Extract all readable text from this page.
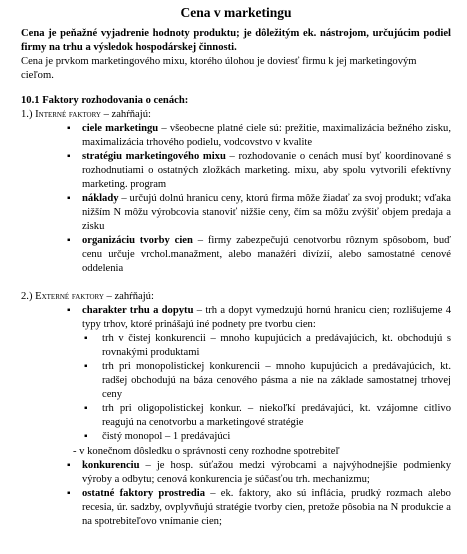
Cena v marketingu

Cena je peňažné vyjadrenie hodnoty produktu; je dôležitým ek. nástrojom, určujúcim podiel firmy na trhu a výsledok hospodárskej činnosti.

Cena je prvkom marketingového mixu, ktorého úlohou je doviesť firmu k jej marketingovým cieľom.

10.1 Faktory rozhodovania o cenách:

1.) Interné faktory – zahŕňajú:

▪ ciele marketingu – všeobecne platné ciele sú: prežitie, maximalizácia bežného zisku, maximalizácia trhového podielu, vodcovstvo v kvalite
▪ stratégiu marketingového mixu – rozhodovanie o cenách musí byť koordinované s rozhodnutiami o ostatných zložkách marketing. mixu, aby spolu vytvorili efektívny marketing. program
▪ náklady – určujú dolnú hranicu ceny, ktorú firma môže žiadať za svoj produkt; vďaka nižším N môžu výrobcovia stanoviť nižšie ceny, čím sa môžu zvýšiť objem predaja a zisku
▪ organizáciu tvorby cien – firmy zabezpečujú cenotvorbu rôznym spôsobom, buď cenu určuje vrchol.manažment, alebo manažéri divízií, alebo samostatné cenové oddelenia

2.) Externé faktory – zahŕňajú:

▪ charakter trhu a dopytu – trh a dopyt vymedzujú hornú hranicu cien; rozlišujeme 4 typy trhov, ktoré prinášajú iné podnety pre tvorbu cien:
▪ trh v čistej konkurencii – mnoho kupujúcich a predávajúcich, kt. obchodujú s rovnakými produktami
▪ trh pri monopolistickej konkurencii – mnoho kupujúcich a predávajúcich, kt. radšej obchodujú na báza cenového pásma a nie na základe samostatnej trhovej ceny
▪ trh pri oligopolistickej konkur. – niekoľkí predávajúci, kt. vzájomne citlivo reagujú na cenotvorbu a marketingové stratégie
▪ čistý monopol – 1 predávajúci

- v konečnom dôsledku o správnosti ceny rozhodne spotrebiteľ

▪ konkurenciu – je hosp. súťažou medzi výrobcami a najvýhodnejšie podmienky výroby a odbytu; cenová konkurencia je súčasťou trh. mechanizmu;
▪ ostatné faktory prostredia – ek. faktory, ako sú inflácia, prudký rozmach alebo recesia, úr. sadzby, ovplyvňujú stratégie tvorby cien, pretože pôsobia na N produkcie a na spotrebiteľovo vnímanie cien;
